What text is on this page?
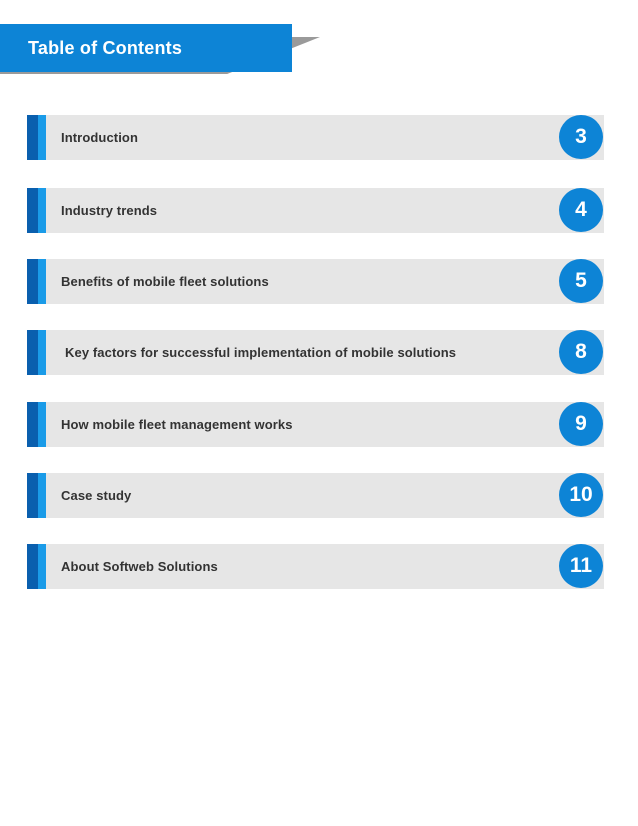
Table of Contents
Introduction	3
Industry trends	4
Benefits of mobile fleet solutions	5
Key factors for successful implementation of mobile solutions	8
How mobile fleet management works	9
Case study	10
About Softweb Solutions	11
